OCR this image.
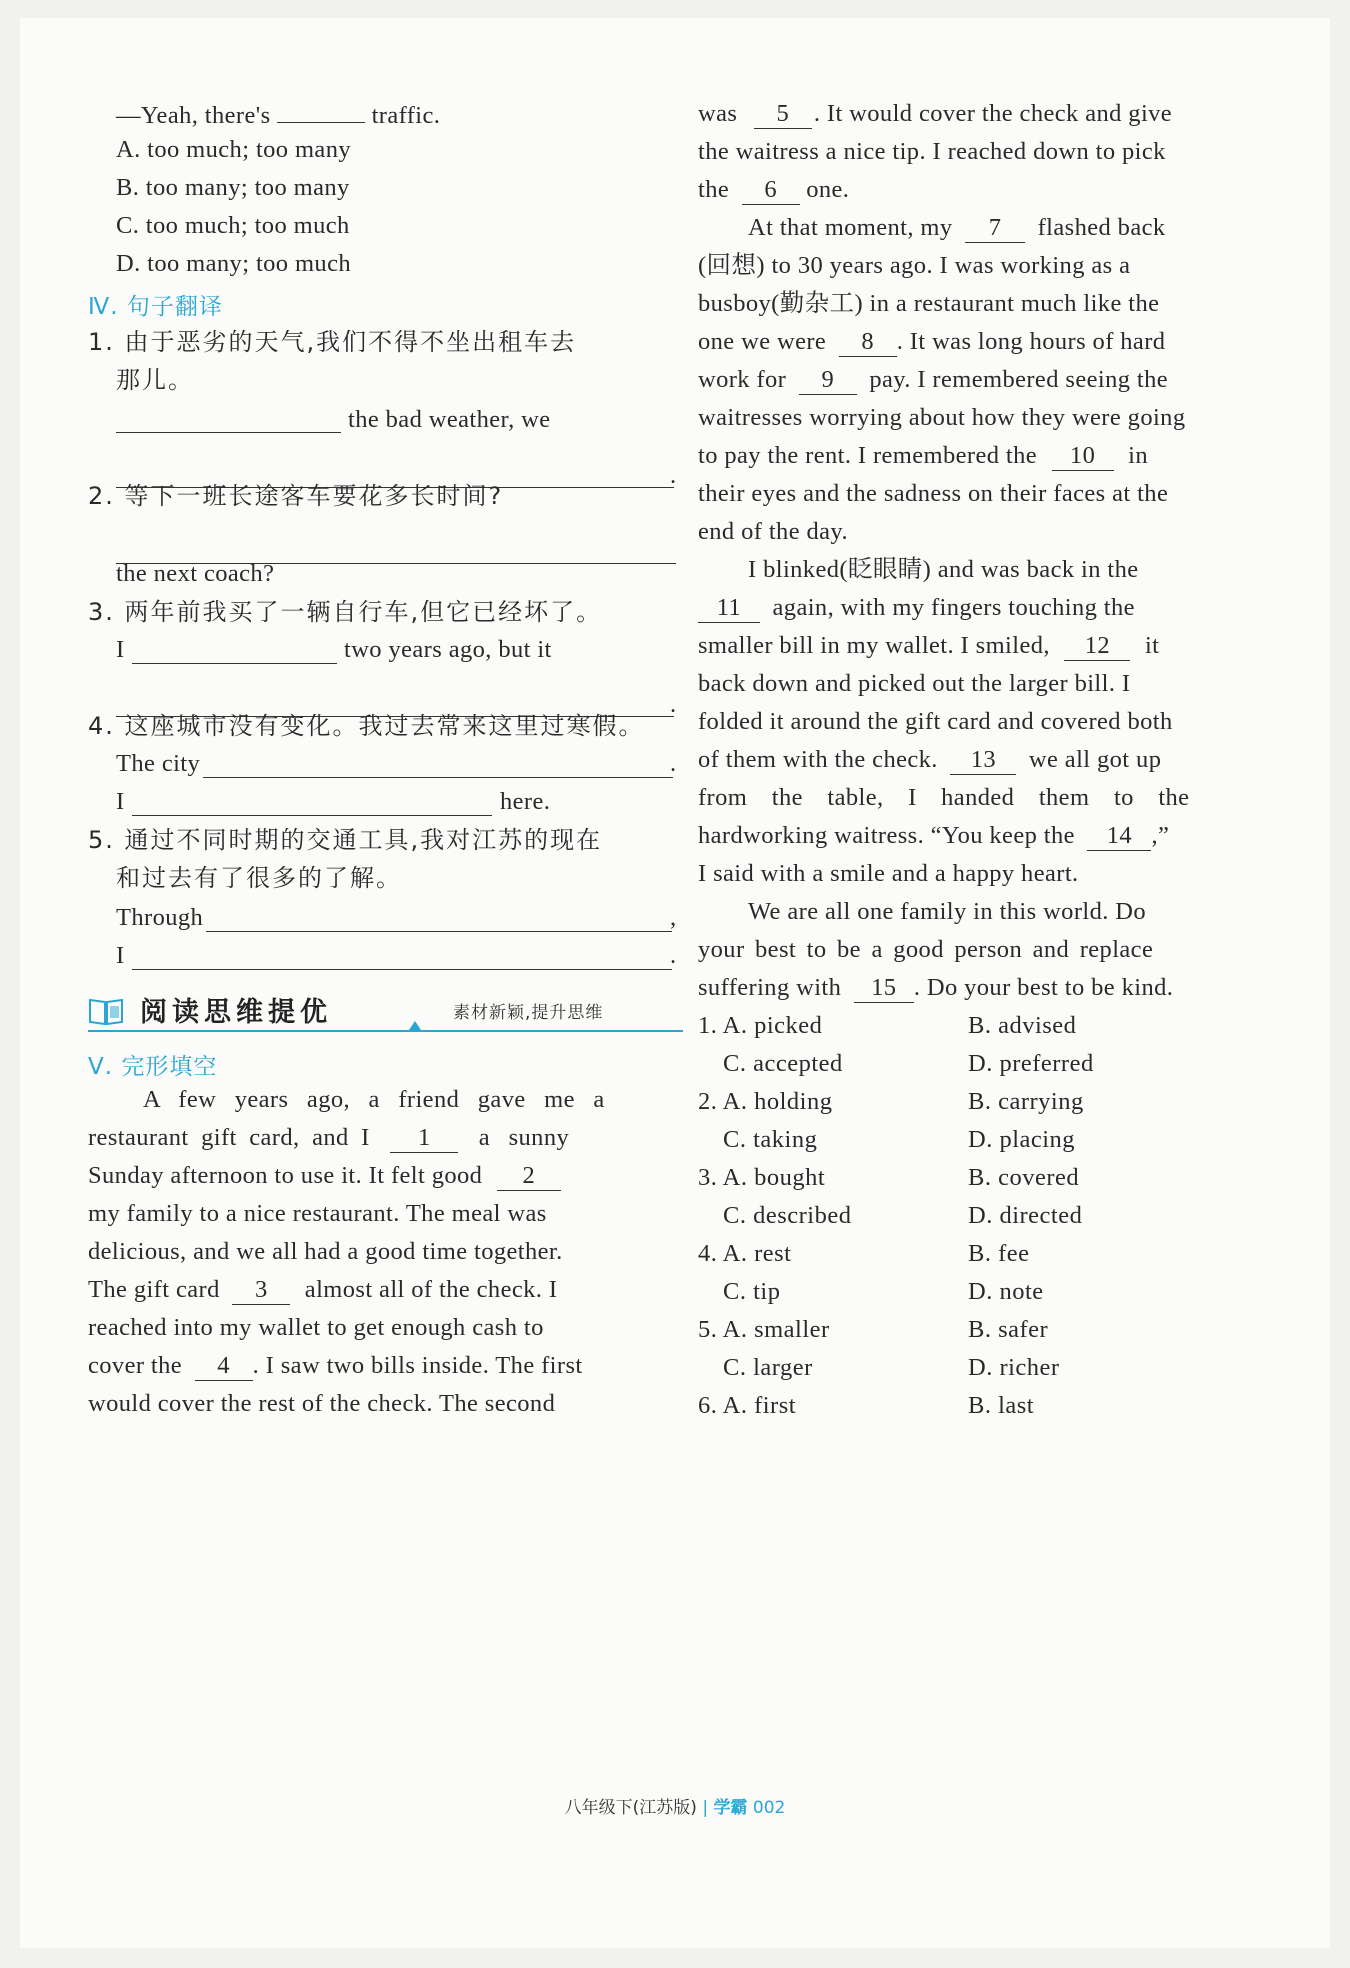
—Yeah, there's	traffic.
A. too much; too many
B. too many; too many
C. too much; too much
D. too many; too much
Ⅳ. 句子翻译
1. 由于恶劣的天气,我们不得不坐出租车去
那儿。
the bad weather, we
.
2. 等下一班长途客车要花多长时间?
the next coach?
3. 两年前我买了一辆自行车,但它已经坏了。
I	two years ago, but it
.
4. 这座城市没有变化。我过去常来这里过寒假。
The city	.
I	here.
5. 通过不同时期的交通工具,我对江苏的现在
和过去有了很多的了解。
Through	,
I	.
阅读思维提优	素材新颖,提升思维
Ⅴ. 完形填空
A few years ago, a friend gave me a
restaurant gift card, and I 1 a sunny
Sunday afternoon to use it. It felt good 2
my family to a nice restaurant. The meal was
delicious, and we all had a good time together.
The gift card 3 almost all of the check. I
reached into my wallet to get enough cash to
cover the 4 . I saw two bills inside. The first
would cover the rest of the check. The second
was 5 . It would cover the check and give
the waitress a nice tip. I reached down to pick
the 6 one.
At that moment, my 7 flashed back
(回想) to 30 years ago. I was working as a
busboy(勤杂工) in a restaurant much like the
one we were 8 . It was long hours of hard
work for 9 pay. I remembered seeing the
waitresses worrying about how they were going
to pay the rent. I remembered the 10 in
their eyes and the sadness on their faces at the
end of the day.
I blinked(眨眼睛) and was back in the
11 again, with my fingers touching the
smaller bill in my wallet. I smiled, 12 it
back down and picked out the larger bill. I
folded it around the gift card and covered both
of them with the check. 13 we all got up
from the table, I handed them to the
hardworking waitress. “You keep the 14 ,”
I said with a smile and a happy heart.
We are all one family in this world. Do
your best to be a good person and replace
suffering with 15 . Do your best to be kind.
1. A. picked	B. advised
C. accepted	D. preferred
2. A. holding	B. carrying
C. taking	D. placing
3. A. bought	B. covered
C. described	D. directed
4. A. rest	B. fee
C. tip	D. note
5. A. smaller	B. safer
C. larger	D. richer
6. A. first	B. last
八年级下(江苏版) | 学霸 002
